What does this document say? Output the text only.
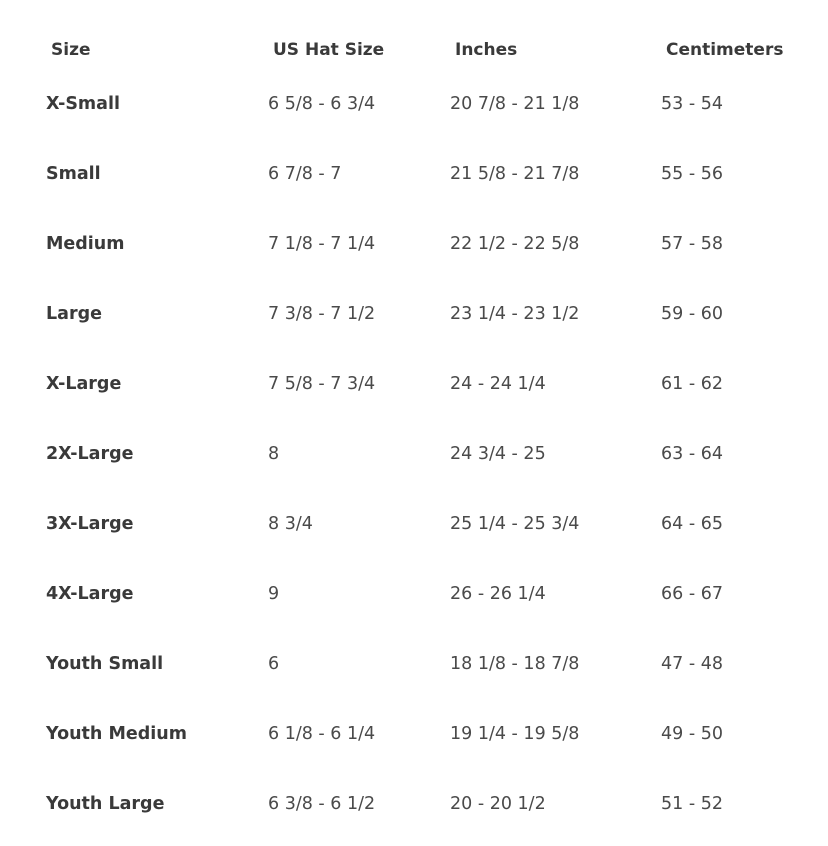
Size	US Hat Size	Inches	Centimeters
X-Small	6 5/8 - 6 3/4	20 7/8 - 21 1/8	53 - 54
Small	6 7/8 - 7	21 5/8 - 21 7/8	55 - 56
Medium	7 1/8 - 7 1/4	22 1/2 - 22 5/8	57 - 58
Large	7 3/8 - 7 1/2	23 1/4 - 23 1/2	59 - 60
X-Large	7 5/8 - 7 3/4	24 - 24 1/4	61 - 62
2X-Large	8	24 3/4 - 25	63 - 64
3X-Large	8 3/4	25 1/4 - 25 3/4	64 - 65
4X-Large	9	26 - 26 1/4	66 - 67
Youth Small	6	18 1/8 - 18 7/8	47 - 48
Youth Medium	6 1/8 - 6 1/4	19 1/4 - 19 5/8	49 - 50
Youth Large	6 3/8 - 6 1/2	20 - 20 1/2	51 - 52
